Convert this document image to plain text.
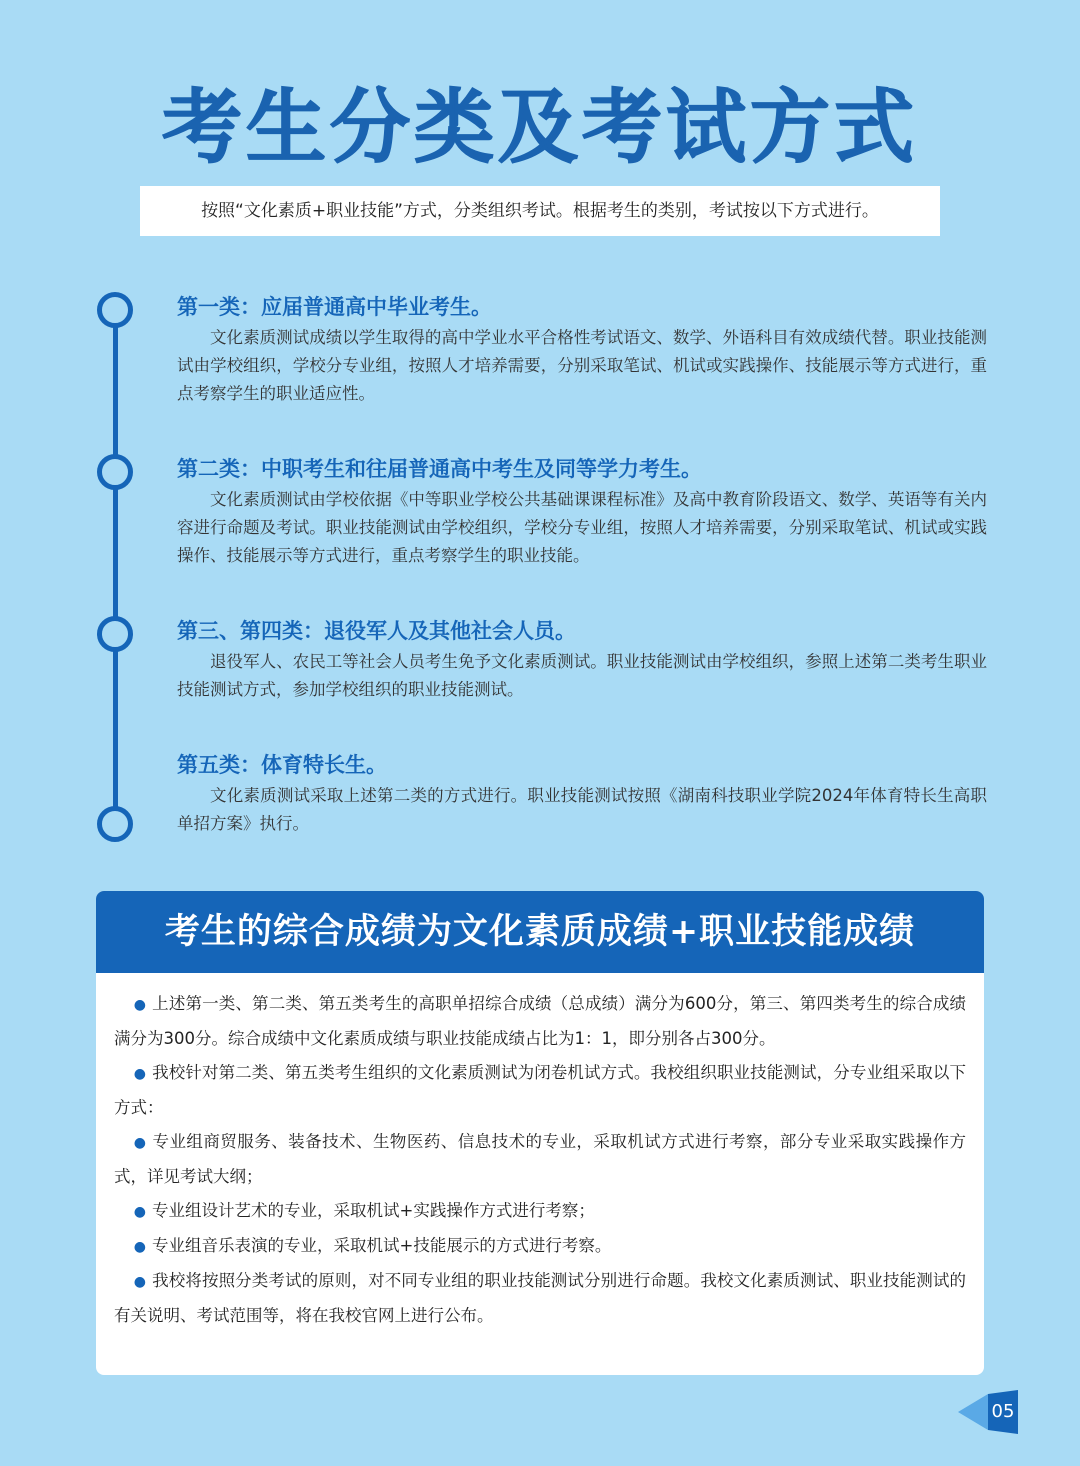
考生分类及考试方式
按照“文化素质+职业技能”方式，分类组织考试。根据考生的类别，考试按以下方式进行。
第一类：应届普通高中毕业考生。
文化素质测试成绩以学生取得的高中学业水平合格性考试语文、数学、外语科目有效成绩代替。职业技能测试由学校组织，学校分专业组，按照人才培养需要，分别采取笔试、机试或实践操作、技能展示等方式进行，重点考察学生的职业适应性。
第二类：中职考生和往届普通高中考生及同等学力考生。
文化素质测试由学校依据《中等职业学校公共基础课课程标准》及高中教育阶段语文、数学、英语等有关内容进行命题及考试。职业技能测试由学校组织，学校分专业组，按照人才培养需要，分别采取笔试、机试或实践操作、技能展示等方式进行，重点考察学生的职业技能。
第三、第四类：退役军人及其他社会人员。
退役军人、农民工等社会人员考生免予文化素质测试。职业技能测试由学校组织，参照上述第二类考生职业技能测试方式，参加学校组织的职业技能测试。
第五类：体育特长生。
文化素质测试采取上述第二类的方式进行。职业技能测试按照《湖南科技职业学院2024年体育特长生高职单招方案》执行。
考生的综合成绩为文化素质成绩+职业技能成绩

● 上述第一类、第二类、第五类考生的高职单招综合成绩（总成绩）满分为600分，第三、第四类考生的综合成绩满分为300分。综合成绩中文化素质成绩与职业技能成绩占比为1：1，即分别各占300分。

● 我校针对第二类、第五类考生组织的文化素质测试为闭卷机试方式。我校组织职业技能测试，分专业组采取以下方式：

● 专业组商贸服务、装备技术、生物医药、信息技术的专业，采取机试方式进行考察，部分专业采取实践操作方式，详见考试大纲；

● 专业组设计艺术的专业，采取机试+实践操作方式进行考察；

● 专业组音乐表演的专业，采取机试+技能展示的方式进行考察。

● 我校将按照分类考试的原则，对不同专业组的职业技能测试分别进行命题。我校文化素质测试、职业技能测试的有关说明、考试范围等，将在我校官网上进行公布。

05
